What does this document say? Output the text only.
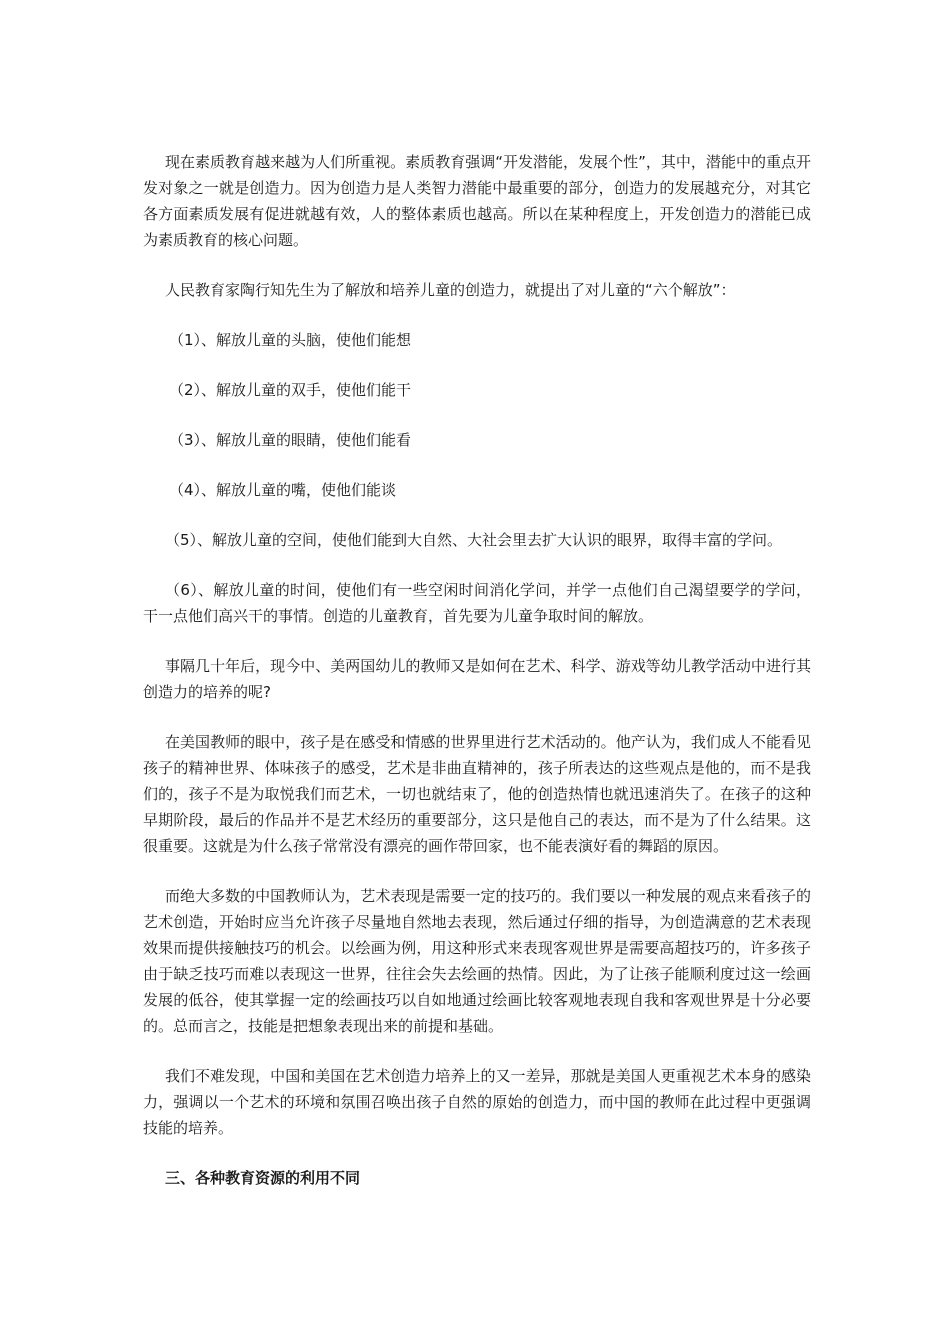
现在素质教育越来越为人们所重视。素质教育强调“开发潜能，发展个性”，其中，潜能中的重点开发对象之一就是创造力。因为创造力是人类智力潜能中最重要的部分，创造力的发展越充分，对其它各方面素质发展有促进就越有效，人的整体素质也越高。所以在某种程度上，开发创造力的潜能已成为素质教育的核心问题。

人民教育家陶行知先生为了解放和培养儿童的创造力，就提出了对儿童的“六个解放”：

（1）、解放儿童的头脑，使他们能想

（2）、解放儿童的双手，使他们能干

（3）、解放儿童的眼睛，使他们能看

（4）、解放儿童的嘴，使他们能谈

（5）、解放儿童的空间，使他们能到大自然、大社会里去扩大认识的眼界，取得丰富的学问。

（6）、解放儿童的时间，使他们有一些空闲时间消化学问，并学一点他们自己渴望要学的学问，干一点他们高兴干的事情。创造的儿童教育，首先要为儿童争取时间的解放。

事隔几十年后，现今中、美两国幼儿的教师又是如何在艺术、科学、游戏等幼儿教学活动中进行其创造力的培养的呢?

在美国教师的眼中，孩子是在感受和情感的世界里进行艺术活动的。他产认为，我们成人不能看见孩子的精神世界、体味孩子的感受，艺术是非曲直精神的，孩子所表达的这些观点是他的，而不是我们的，孩子不是为取悦我们而艺术，一切也就结束了，他的创造热情也就迅速消失了。在孩子的这种早期阶段，最后的作品并不是艺术经历的重要部分，这只是他自己的表达，而不是为了什么结果。这很重要。这就是为什么孩子常常没有漂亮的画作带回家，也不能表演好看的舞蹈的原因。

而绝大多数的中国教师认为，艺术表现是需要一定的技巧的。我们要以一种发展的观点来看孩子的艺术创造，开始时应当允许孩子尽量地自然地去表现，然后通过仔细的指导，为创造满意的艺术表现效果而提供接触技巧的机会。以绘画为例，用这种形式来表现客观世界是需要高超技巧的，许多孩子由于缺乏技巧而难以表现这一世界，往往会失去绘画的热情。因此，为了让孩子能顺利度过这一绘画发展的低谷，使其掌握一定的绘画技巧以自如地通过绘画比较客观地表现自我和客观世界是十分必要的。总而言之，技能是把想象表现出来的前提和基础。

我们不难发现，中国和美国在艺术创造力培养上的又一差异，那就是美国人更重视艺术本身的感染力，强调以一个艺术的环境和氛围召唤出孩子自然的原始的创造力，而中国的教师在此过程中更强调技能的培养。

三、各种教育资源的利用不同
